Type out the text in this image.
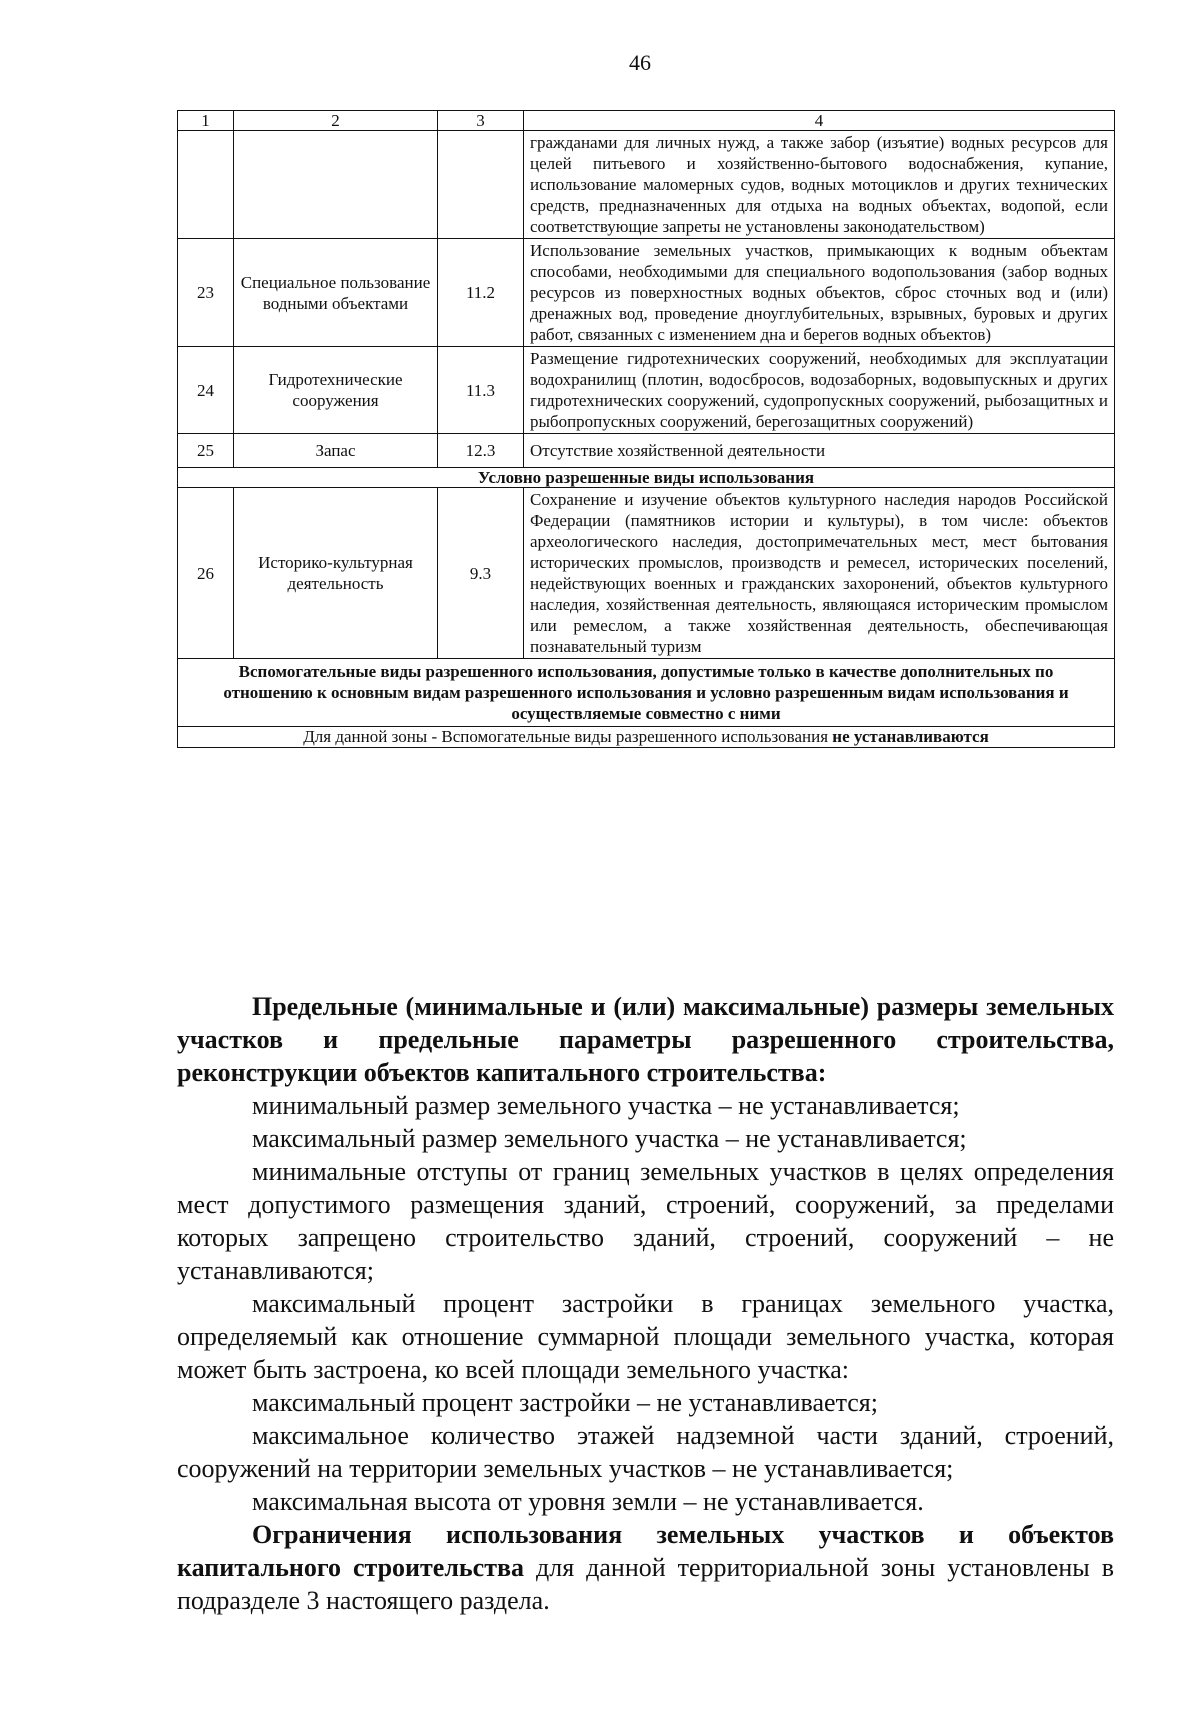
46
1	2	3	4
			гражданами для личных нужд, а также забор (изъятие) водных ресурсов для целей питьевого и хозяйственно-бытового водоснабжения, купание, использование маломерных судов, водных мотоциклов и других технических средств, предназначенных для отдыха на водных объектах, водопой, если соответствующие запреты не установлены законодательством)
23	Специальное пользование водными объектами	11.2	Использование земельных участков, примыкающих к водным объектам способами, необходимыми для специального водопользования (забор водных ресурсов из поверхностных водных объектов, сброс сточных вод и (или) дренажных вод, проведение дноуглубительных, взрывных, буровых и других работ, связанных с изменением дна и берегов водных объектов)
24	Гидротехнические сооружения	11.3	Размещение гидротехнических сооружений, необходимых для эксплуатации водохранилищ (плотин, водосбросов, водозаборных, водовыпускных и других гидротехнических сооружений, судопропускных сооружений, рыбозащитных и рыбопропускных сооружений, берегозащитных сооружений)
25	Запас	12.3	Отсутствие хозяйственной деятельности
Условно разрешенные виды использования			
26	Историко-культурная деятельность	9.3	Сохранение и изучение объектов культурного наследия народов Российской Федерации (памятников истории и культуры), в том числе: объектов археологического наследия, достопримечательных мест, мест бытования исторических промыслов, производств и ремесел, исторических поселений, недействующих военных и гражданских захоронений, объектов культурного наследия, хозяйственная деятельность, являющаяся историческим промыслом или ремеслом, а также хозяйственная деятельность, обеспечивающая познавательный туризм
Вспомогательные виды разрешенного использования, допустимые только в качестве дополнительных по отношению к основным видам разрешенного использования и условно разрешенным видам использования и осуществляемые совместно с ними			
Для данной зоны - Вспомогательные виды разрешенного использования не устанавливаются			

Предельные (минимальные и (или) максимальные) размеры земельных участков и предельные параметры разрешенного строительства, реконструкции объектов капитального строительства:

минимальный размер земельного участка – не устанавливается;

максимальный размер земельного участка – не устанавливается;

минимальные отступы от границ земельных участков в целях определения мест допустимого размещения зданий, строений, сооружений, за пределами которых запрещено строительство зданий, строений, сооружений – не устанавливаются;

максимальный процент застройки в границах земельного участка, определяемый как отношение суммарной площади земельного участка, которая может быть застроена, ко всей площади земельного участка:

максимальный процент застройки – не устанавливается;

максимальное количество этажей надземной части зданий, строений, сооружений на территории земельных участков – не устанавливается;

максимальная высота от уровня земли – не устанавливается.

Ограничения использования земельных участков и объектов капитального строительства для данной территориальной зоны установлены в подразделе 3 настоящего раздела.
